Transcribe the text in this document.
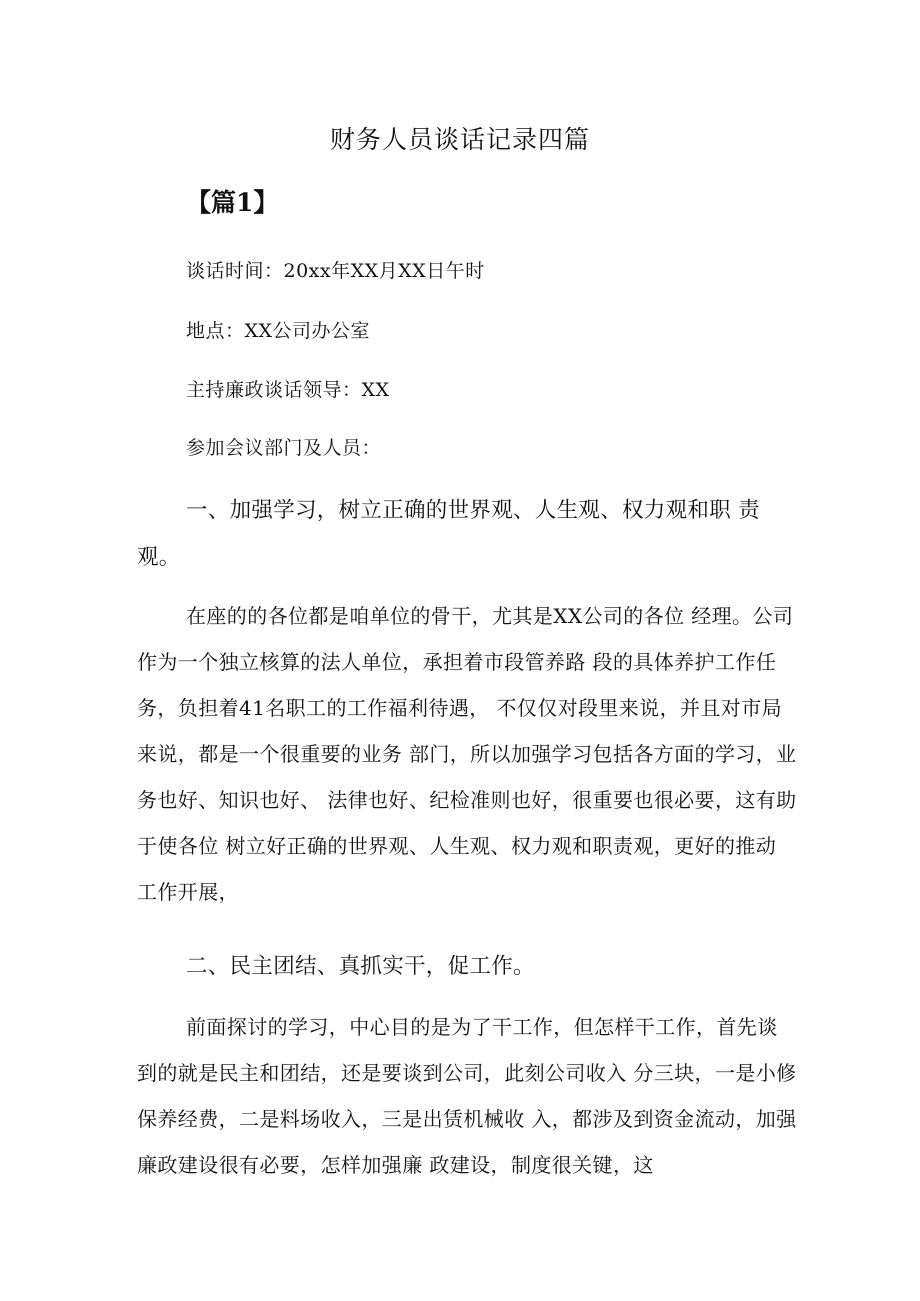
财务人员谈话记录四篇
【篇1】
谈话时间：20xx年XX月XX日午时
地点：XX公司办公室
主持廉政谈话领导：XX
参加会议部门及人员：
一、加强学习，树立正确的世界观、人生观、权力观和职 责观。
在座的的各位都是咱单位的骨干，尤其是XX公司的各位 经理。公司作为一个独立核算的法人单位，承担着市段管养路 段的具体养护工作任务，负担着41名职工的工作福利待遇， 不仅仅对段里来说，并且对市局来说，都是一个很重要的业务 部门，所以加强学习包括各方面的学习，业务也好、知识也好、 法律也好、纪检准则也好，很重要也很必要，这有助于使各位 树立好正确的世界观、人生观、权力观和职责观，更好的推动 工作开展，
二、民主团结、真抓实干，促工作。
前面探讨的学习，中心目的是为了干工作，但怎样干工作，首先谈到的就是民主和团结，还是要谈到公司，此刻公司收入 分三块，一是小修保养经费，二是料场收入，三是出赁机械收 入，都涉及到资金流动，加强廉政建设很有必要，怎样加强廉 政建设，制度很关键，这
